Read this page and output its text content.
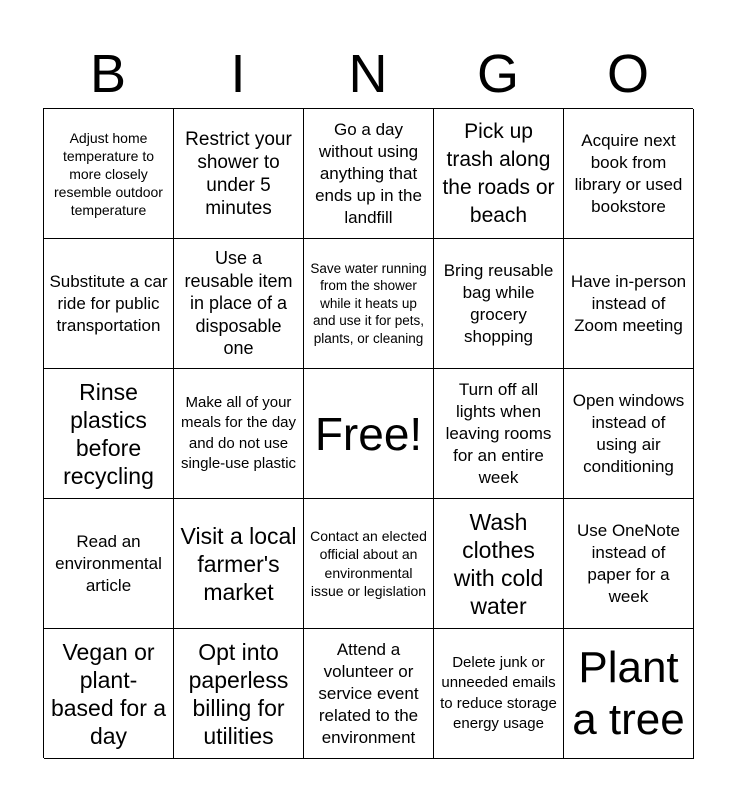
B	I	N	G	O
Adjust home temperature to more closely resemble outdoor temperature
Restrict your shower to under 5 minutes
Go a day without using anything that ends up in the landfill
Pick up trash along the roads or beach
Acquire next book from library or used bookstore
Substitute a car ride for public transportation
Use a reusable item in place of a disposable one
Save water running from the shower while it heats up and use it for pets, plants, or cleaning
Bring reusable bag while grocery shopping
Have in-person instead of Zoom meeting
Rinse plastics before recycling
Make all of your meals for the day and do not use single-use plastic
Free!
Turn off all lights when leaving rooms for an entire week
Open windows instead of using air conditioning
Read an environmental article
Visit a local farmer's market
Contact an elected official about an environmental issue or legislation
Wash clothes with cold water
Use OneNote instead of paper for a week
Vegan or plant-based for a day
Opt into paperless billing for utilities
Attend a volunteer or service event related to the environment
Delete junk or unneeded emails to reduce storage energy usage
Plant a tree
